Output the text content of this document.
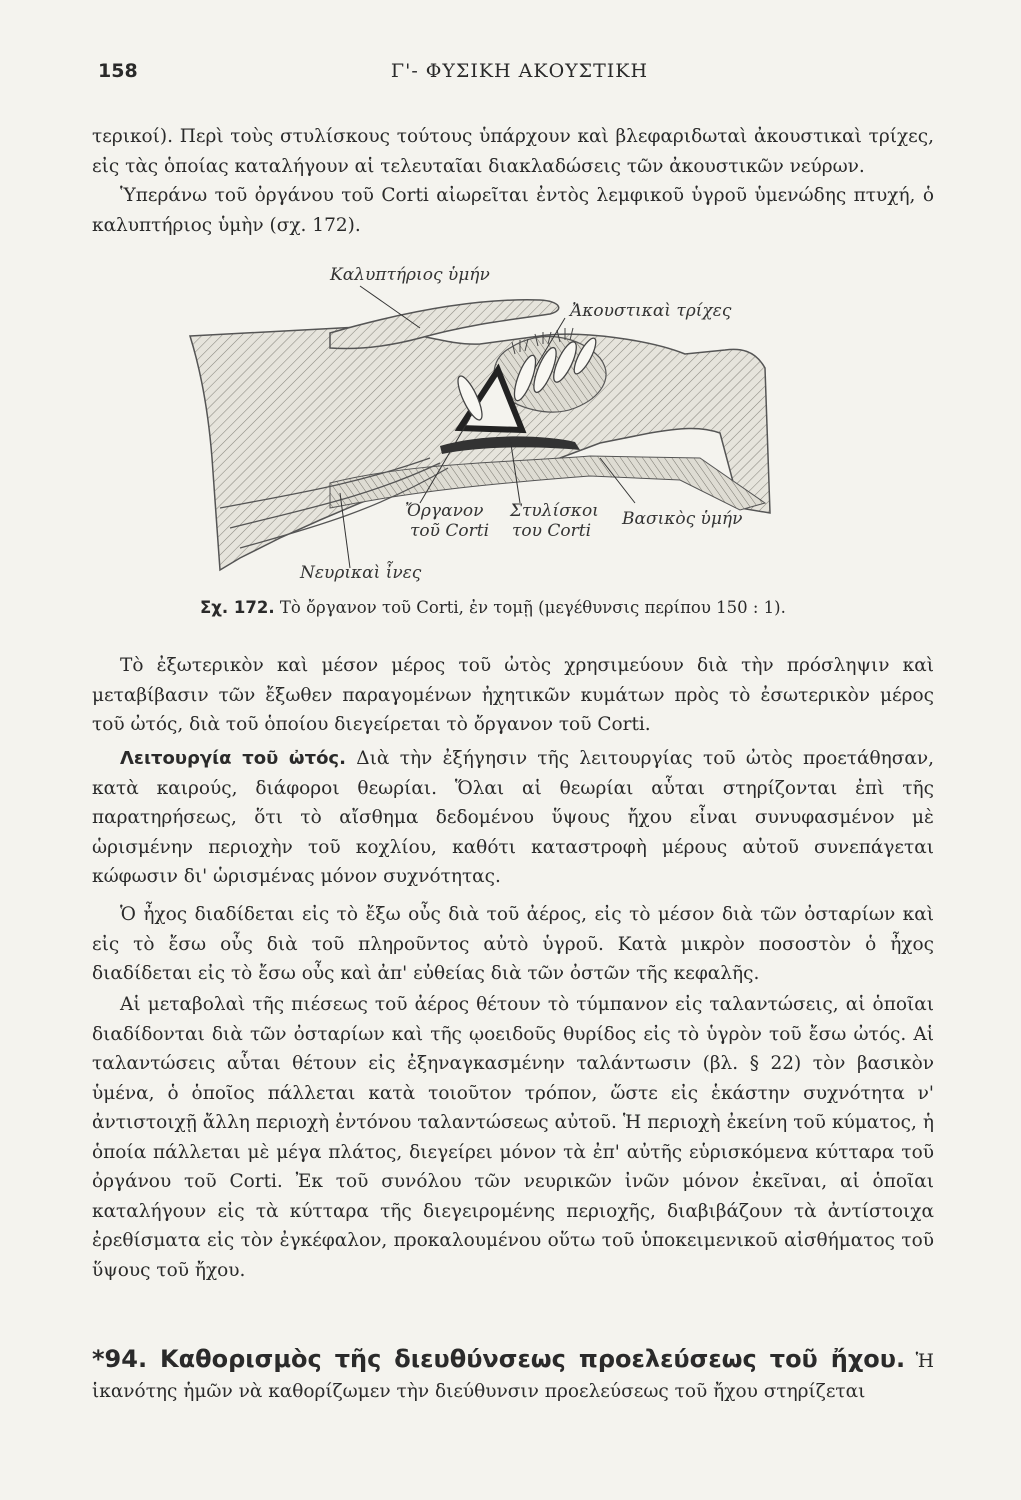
158	Γ'- ΦΥΣΙΚΗ ΑΚΟΥΣΤΙΚΗ

τερικοί). Περὶ τοὺς στυλίσκους τούτους ὑπάρχουν καὶ βλεφαριδωταὶ ἀκουστικαὶ τρίχες, εἰς τὰς ὁποίας καταλήγουν αἱ τελευταῖαι διακλαδώσεις τῶν ἀκουστικῶν νεύρων.

Ὑπεράνω τοῦ ὀργάνου τοῦ Corti αἰωρεῖται ἐντὸς λεμφικοῦ ὑγροῦ ὑμενώδης πτυχή, ὁ καλυπτήριος ὑμὴν (σχ. 172).

Καλυπτήριος ὑμήν
Ἀκουστικαὶ τρίχες
Ὄργανον
τοῦ Corti
Στυλίσκοι
του Corti
Βασικὸς ὑμήν
Νευρικαὶ ἶνες
Σχ. 172. Τὸ ὄργανον τοῦ Corti, ἐν τομῇ (μεγέθυνσις περίπου 150 : 1).

Τὸ ἐξωτερικὸν καὶ μέσον μέρος τοῦ ὠτὸς χρησιμεύουν διὰ τὴν πρόσληψιν καὶ μεταβίβασιν τῶν ἔξωθεν παραγομένων ἠχητικῶν κυμάτων πρὸς τὸ ἐσωτερικὸν μέρος τοῦ ὠτός, διὰ τοῦ ὁποίου διεγείρεται τὸ ὄργανον τοῦ Corti.

Λειτουργία τοῦ ὠτός. Διὰ τὴν ἐξήγησιν τῆς λειτουργίας τοῦ ὠτὸς προετάθησαν, κατὰ καιρούς, διάφοροι θεωρίαι. Ὅλαι αἱ θεωρίαι αὗται στηρίζονται ἐπὶ τῆς παρατηρήσεως, ὅτι τὸ αἴσθημα δεδομένου ὕψους ἤχου εἶναι συνυφασμένον μὲ ὡρισμένην περιοχὴν τοῦ κοχλίου, καθότι καταστροφὴ μέρους αὐτοῦ συνεπάγεται κώφωσιν δι' ὡρισμένας μόνον συχνότητας.

Ὁ ἦχος διαδίδεται εἰς τὸ ἔξω οὖς διὰ τοῦ ἀέρος, εἰς τὸ μέσον διὰ τῶν ὀσταρίων καὶ εἰς τὸ ἔσω οὖς διὰ τοῦ πληροῦντος αὐτὸ ὑγροῦ. Κατὰ μικρὸν ποσοστὸν ὁ ἦχος διαδίδεται εἰς τὸ ἔσω οὖς καὶ ἀπ' εὐθείας διὰ τῶν ὀστῶν τῆς κεφαλῆς.

Αἱ μεταβολαὶ τῆς πιέσεως τοῦ ἀέρος θέτουν τὸ τύμπανον εἰς ταλαντώσεις, αἱ ὁποῖαι διαδίδονται διὰ τῶν ὀσταρίων καὶ τῆς ῳοειδοῦς θυρίδος εἰς τὸ ὑγρὸν τοῦ ἔσω ὠτός. Αἱ ταλαντώσεις αὗται θέτουν εἰς ἐξηναγκασμένην ταλάντωσιν (βλ. § 22) τὸν βασικὸν ὑμένα, ὁ ὁποῖος πάλλεται κατὰ τοιοῦτον τρόπον, ὥστε εἰς ἑκάστην συχνότητα ν' ἀντιστοιχῇ ἄλλη περιοχὴ ἐντόνου ταλαντώσεως αὐτοῦ. Ἡ περιοχὴ ἐκείνη τοῦ κύματος, ἡ ὁποία πάλλεται μὲ μέγα πλάτος, διεγείρει μόνον τὰ ἐπ' αὐτῆς εὑρισκόμενα κύτταρα τοῦ ὀργάνου τοῦ Corti. Ἐκ τοῦ συνόλου τῶν νευρικῶν ἰνῶν μόνον ἐκεῖναι, αἱ ὁποῖαι καταλήγουν εἰς τὰ κύτταρα τῆς διεγειρομένης περιοχῆς, διαβιβάζουν τὰ ἀντίστοιχα ἐρεθίσματα εἰς τὸν ἐγκέφαλον, προκαλουμένου οὕτω τοῦ ὑποκειμενικοῦ αἰσθήματος τοῦ ὕψους τοῦ ἤχου.

*94. Καθορισμὸς τῆς διευθύνσεως προελεύσεως τοῦ ἤχου. Ἡ ἱκανότης ἡμῶν νὰ καθορίζωμεν τὴν διεύθυνσιν προελεύσεως τοῦ ἤχου στηρίζεται
